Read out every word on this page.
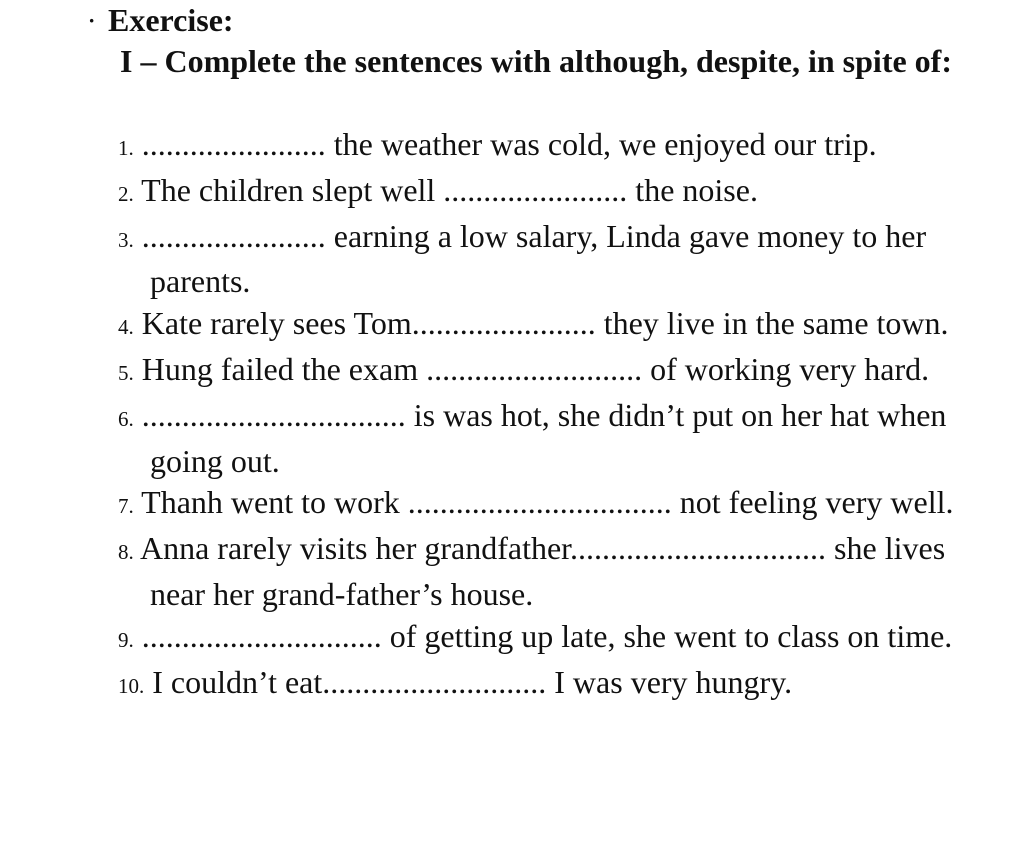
· Exercise:
I – Complete the sentences with although, despite, in spite of:
1. ....................... the weather was cold, we enjoyed our trip.
2. The children slept well ....................... the noise.
3. ....................... earning a low salary, Linda gave money to her parents.
4. Kate rarely sees Tom....................... they live in the same town.
5. Hung failed the exam ........................... of working very hard.
6. ................................. is was hot, she didn’t put on her hat when going out.
7. Thanh went to work ................................. not feeling very well.
8. Anna rarely visits her grandfather................................ she lives near her grand-father’s house.
9. .............................. of getting up late, she went to class on time.
10. I couldn’t eat............................ I was very hungry.
